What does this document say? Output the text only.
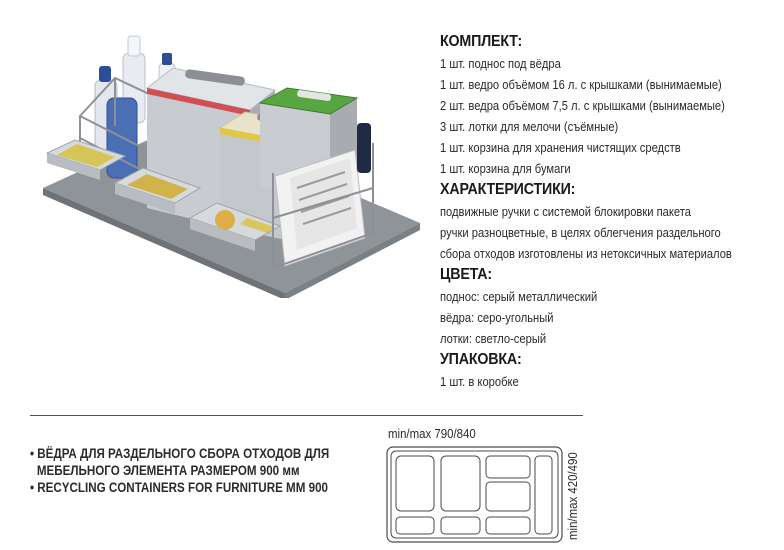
КОМПЛЕКТ:
1 шт. поднос под вёдра
1 шт. ведро объёмом 16 л. с крышками (вынимаемые)
2 шт. ведра объёмом 7,5 л. с крышками (вынимаемые)
3 шт. лотки для мелочи (съёмные)
1 шт. корзина для хранения чистящих средств
1 шт. корзина для бумаги
ХАРАКТЕРИСТИКИ:
подвижные ручки с системой блокировки пакета
ручки разноцветные, в целях облегчения раздельного
сбора отходов изготовлены из нетоксичных материалов
ЦВЕТА:
поднос: серый металлический
вёдра: серо-угольный
лотки: светло-серый
УПАКОВКА:
1 шт. в коробке
• ВЁДРА ДЛЯ РАЗДЕЛЬНОГО СБОРА ОТХОДОВ ДЛЯ
МЕБЕЛЬНОГО ЭЛЕМЕНТА РАЗМЕРОМ 900 мм
• RECYCLING CONTAINERS FOR FURNITURE MM 900
min/max 790/840
min/max 420/490
